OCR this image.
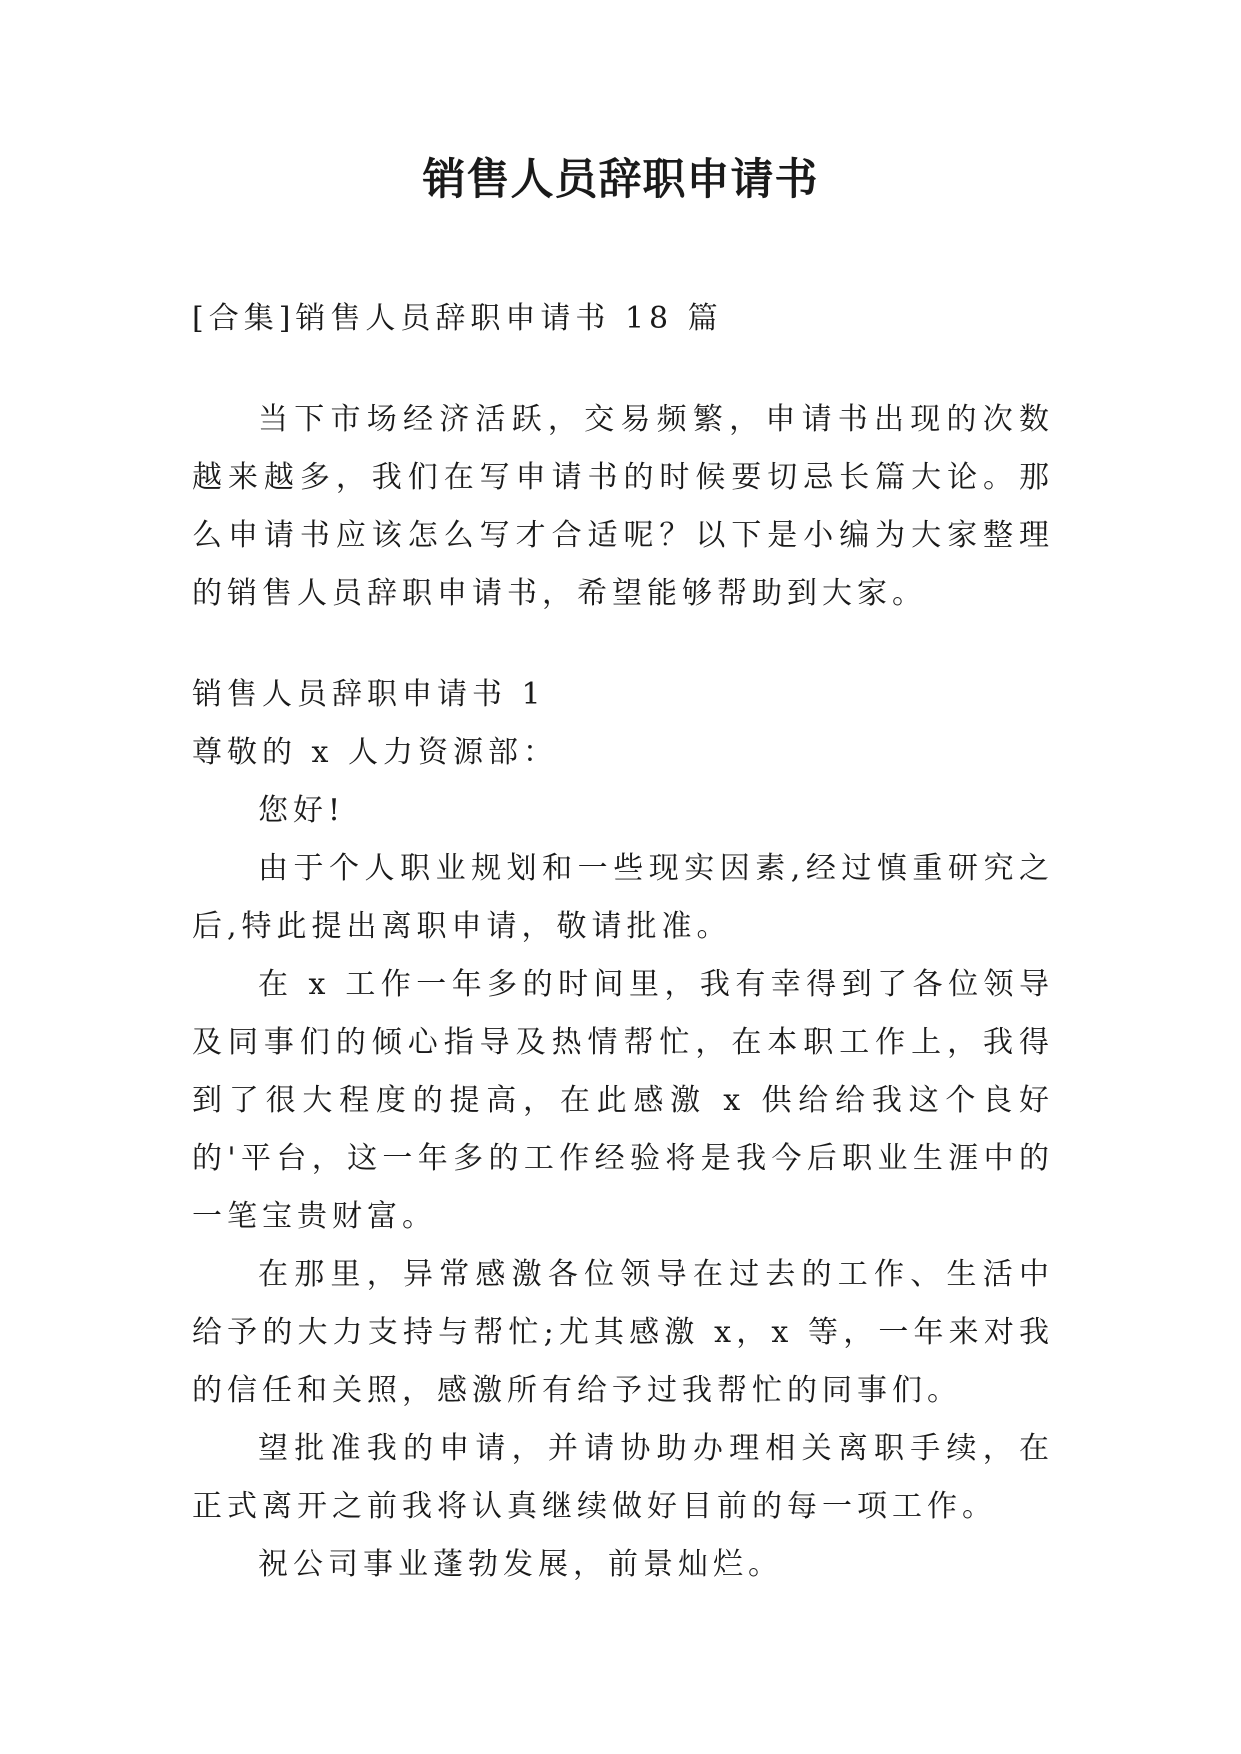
销售人员辞职申请书

[合集]销售人员辞职申请书 18 篇

当下市场经济活跃，交易频繁，申请书出现的次数越来越多，我们在写申请书的时候要切忌长篇大论。那么申请书应该怎么写才合适呢？以下是小编为大家整理的销售人员辞职申请书，希望能够帮助到大家。

销售人员辞职申请书 1

尊敬的 x 人力资源部：

您好!

由于个人职业规划和一些现实因素,经过慎重研究之后,特此提出离职申请，敬请批准。

在 x 工作一年多的时间里，我有幸得到了各位领导及同事们的倾心指导及热情帮忙，在本职工作上，我得到了很大程度的提高，在此感激 x 供给给我这个良好的'平台，这一年多的工作经验将是我今后职业生涯中的一笔宝贵财富。

在那里，异常感激各位领导在过去的工作、生活中给予的大力支持与帮忙;尤其感激 x，x 等，一年来对我的信任和关照，感激所有给予过我帮忙的同事们。

望批准我的申请，并请协助办理相关离职手续，在正式离开之前我将认真继续做好目前的每一项工作。

祝公司事业蓬勃发展，前景灿烂。
